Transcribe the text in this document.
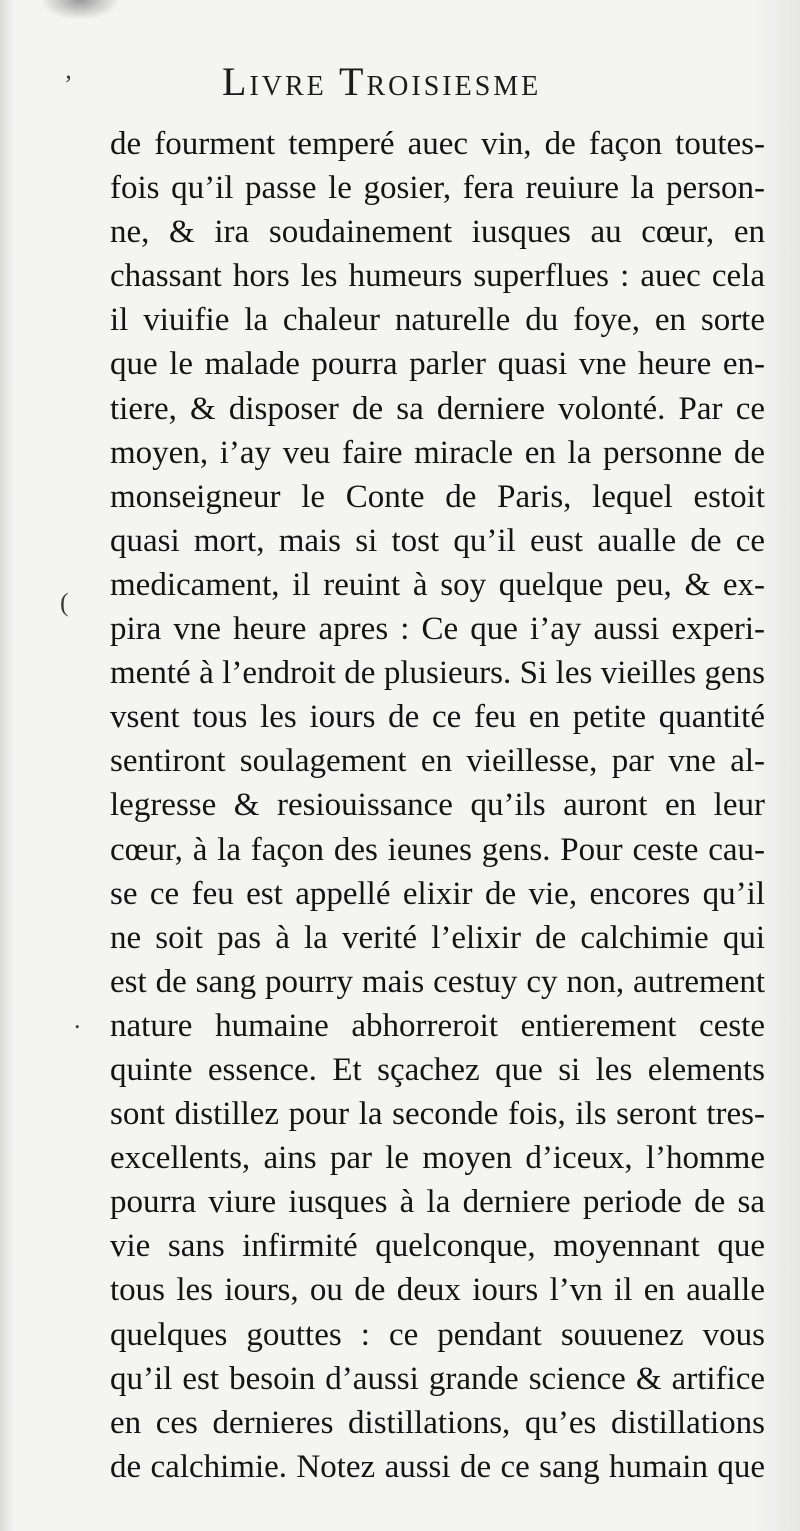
’
(
.
Livre Troisiesme
de fourment temperé auec vin, de façon toutes-
fois qu’il passe le gosier, fera reuiure la person-
ne, & ira soudainement iusques au cœur, en
chassant hors les humeurs superflues : auec cela
il viuifie la chaleur naturelle du foye, en sorte
que le malade pourra parler quasi vne heure en-
tiere, & disposer de sa derniere volonté. Par ce
moyen, i’ay veu faire miracle en la personne de
monseigneur le Conte de Paris, lequel estoit
quasi mort, mais si tost qu’il eust aualle de ce
medicament, il reuint à soy quelque peu, & ex-
pira vne heure apres : Ce que i’ay aussi experi-
menté à l’endroit de plusieurs. Si les vieilles gens
vsent tous les iours de ce feu en petite quantité
sentiront soulagement en vieillesse, par vne al-
legresse & resiouissance qu’ils auront en leur
cœur, à la façon des ieunes gens. Pour ceste cau-
se ce feu est appellé elixir de vie, encores qu’il
ne soit pas à la verité l’elixir de calchimie qui
est de sang pourry mais cestuy cy non, autrement
nature humaine abhorreroit entierement ceste
quinte essence. Et sçachez que si les elements
sont distillez pour la seconde fois, ils seront tres-
excellents, ains par le moyen d’iceux, l’homme
pourra viure iusques à la derniere periode de sa
vie sans infirmité quelconque, moyennant que
tous les iours, ou de deux iours l’vn il en aualle
quelques gouttes : ce pendant souuenez vous
qu’il est besoin d’aussi grande science & artifice
en ces dernieres distillations, qu’es distillations
de calchimie. Notez aussi de ce sang humain que
